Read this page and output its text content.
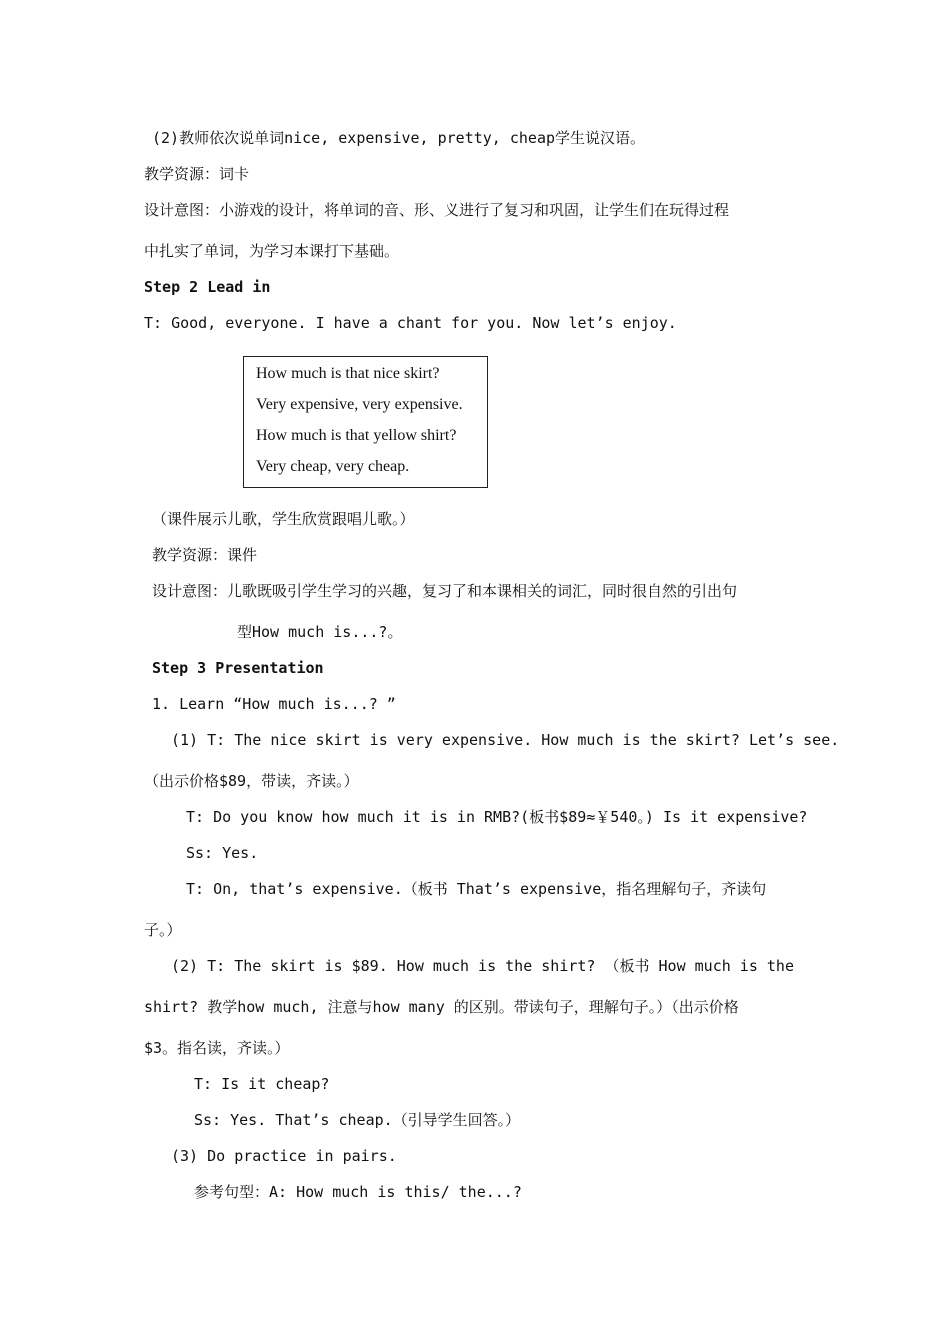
(2)教师依次说单词nice, expensive, pretty, cheap学生说汉语。
教学资源：词卡
设计意图：小游戏的设计，将单词的音、形、义进行了复习和巩固，让学生们在玩得过程
中扎实了单词，为学习本课打下基础。
Step 2 Lead in
T: Good, everyone. I have a chant for you. Now let’s enjoy.
How much is that nice skirt?
Very expensive, very expensive.
How much is that yellow shirt?
Very cheap, very cheap.
（课件展示儿歌，学生欣赏跟唱儿歌。）
教学资源：课件
设计意图：儿歌既吸引学生学习的兴趣，复习了和本课相关的词汇，同时很自然的引出句
型How much is...?。
Step 3 Presentation
1. Learn “How much is...? ”
(1) T: The nice skirt is very expensive. How much is the skirt? Let’s see.
（出示价格$89，带读，齐读。）
T: Do you know how much it is in RMB?(板书$89≈￥540。) Is it expensive?
Ss: Yes.
T: On, that’s expensive.（板书 That’s expensive，指名理解句子，齐读句
子。）
(2) T: The skirt is $89. How much is the shirt? （板书 How much is the
shirt? 教学how much, 注意与how many 的区别。带读句子，理解句子。）（出示价格
$3。指名读，齐读。）
T: Is it cheap?
Ss: Yes. That’s cheap.（引导学生回答。）
(3) Do practice in pairs.
参考句型：A: How much is this/ the...?
